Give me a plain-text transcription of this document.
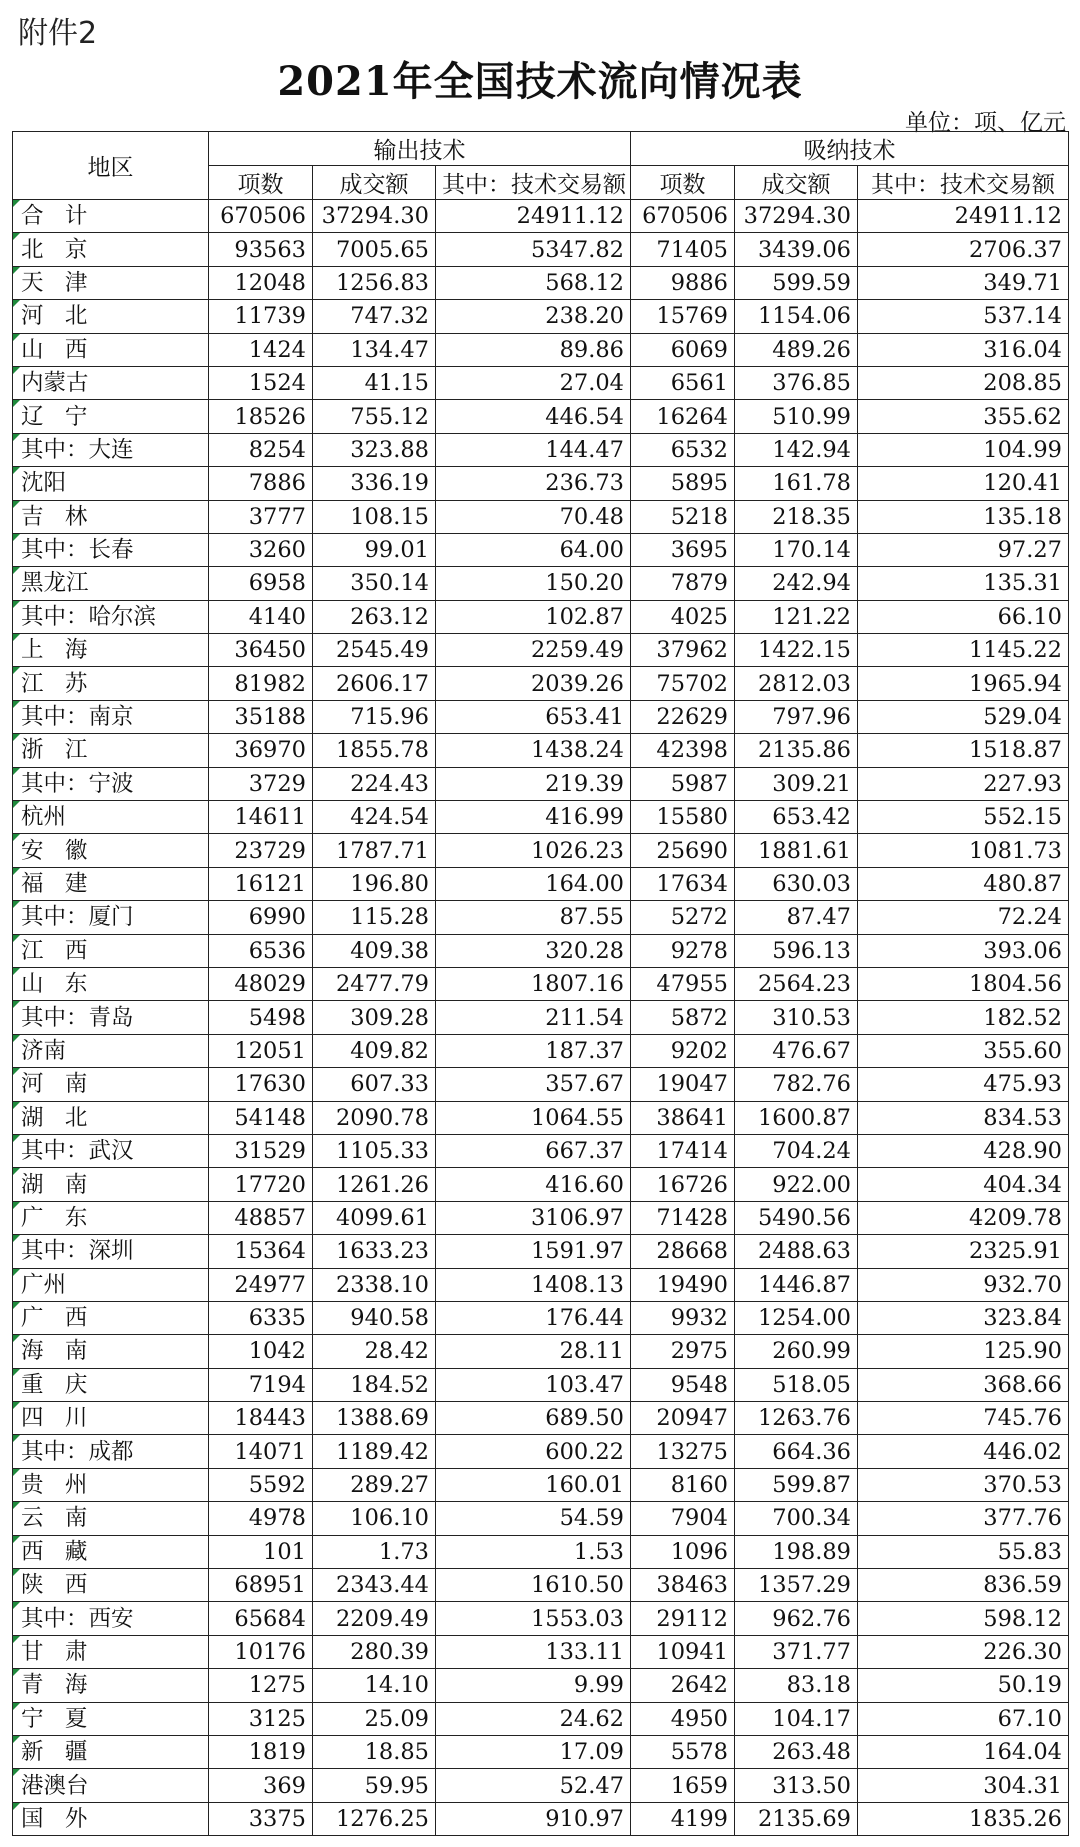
附件2
2021年全国技术流向情况表
单位：项、亿元
地区	输出技术			吸纳技术		
	项数	成交额	其中：技术交易额	项数	成交额	其中：技术交易额
合计	670506	37294.30	24911.12	670506	37294.30	24911.12
北京	93563	7005.65	5347.82	71405	3439.06	2706.37
天津	12048	1256.83	568.12	9886	599.59	349.71
河北	11739	747.32	238.20	15769	1154.06	537.14
山西	1424	134.47	89.86	6069	489.26	316.04
内蒙古	1524	41.15	27.04	6561	376.85	208.85
辽宁	18526	755.12	446.54	16264	510.99	355.62
其中：大连	8254	323.88	144.47	6532	142.94	104.99
沈阳	7886	336.19	236.73	5895	161.78	120.41
吉林	3777	108.15	70.48	5218	218.35	135.18
其中：长春	3260	99.01	64.00	3695	170.14	97.27
黑龙江	6958	350.14	150.20	7879	242.94	135.31
其中：哈尔滨	4140	263.12	102.87	4025	121.22	66.10
上海	36450	2545.49	2259.49	37962	1422.15	1145.22
江苏	81982	2606.17	2039.26	75702	2812.03	1965.94
其中：南京	35188	715.96	653.41	22629	797.96	529.04
浙江	36970	1855.78	1438.24	42398	2135.86	1518.87
其中：宁波	3729	224.43	219.39	5987	309.21	227.93
杭州	14611	424.54	416.99	15580	653.42	552.15
安徽	23729	1787.71	1026.23	25690	1881.61	1081.73
福建	16121	196.80	164.00	17634	630.03	480.87
其中：厦门	6990	115.28	87.55	5272	87.47	72.24
江西	6536	409.38	320.28	9278	596.13	393.06
山东	48029	2477.79	1807.16	47955	2564.23	1804.56
其中：青岛	5498	309.28	211.54	5872	310.53	182.52
济南	12051	409.82	187.37	9202	476.67	355.60
河南	17630	607.33	357.67	19047	782.76	475.93
湖北	54148	2090.78	1064.55	38641	1600.87	834.53
其中：武汉	31529	1105.33	667.37	17414	704.24	428.90
湖南	17720	1261.26	416.60	16726	922.00	404.34
广东	48857	4099.61	3106.97	71428	5490.56	4209.78
其中：深圳	15364	1633.23	1591.97	28668	2488.63	2325.91
广州	24977	2338.10	1408.13	19490	1446.87	932.70
广西	6335	940.58	176.44	9932	1254.00	323.84
海南	1042	28.42	28.11	2975	260.99	125.90
重庆	7194	184.52	103.47	9548	518.05	368.66
四川	18443	1388.69	689.50	20947	1263.76	745.76
其中：成都	14071	1189.42	600.22	13275	664.36	446.02
贵州	5592	289.27	160.01	8160	599.87	370.53
云南	4978	106.10	54.59	7904	700.34	377.76
西藏	101	1.73	1.53	1096	198.89	55.83
陕西	68951	2343.44	1610.50	38463	1357.29	836.59
其中：西安	65684	2209.49	1553.03	29112	962.76	598.12
甘肃	10176	280.39	133.11	10941	371.77	226.30
青海	1275	14.10	9.99	2642	83.18	50.19
宁夏	3125	25.09	24.62	4950	104.17	67.10
新疆	1819	18.85	17.09	5578	263.48	164.04
港澳台	369	59.95	52.47	1659	313.50	304.31
国外	3375	1276.25	910.97	4199	2135.69	1835.26
